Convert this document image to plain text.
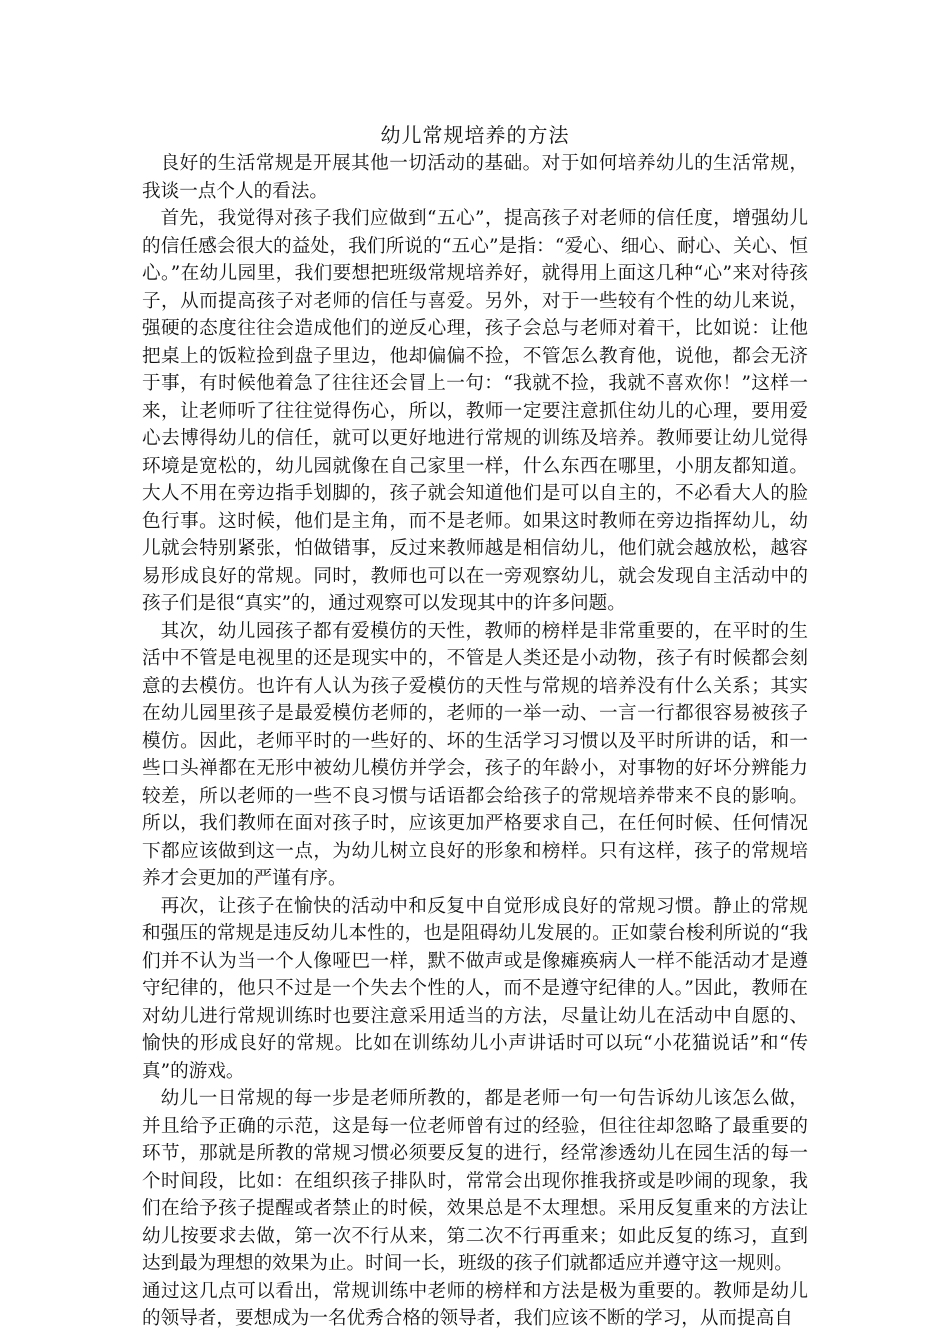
幼儿常规培养的方法

良好的生活常规是开展其他一切活动的基础。对于如何培养幼儿的生活常规，我谈一点个人的看法。

首先，我觉得对孩子我们应做到“五心”，提高孩子对老师的信任度，增强幼儿的信任感会很大的益处，我们所说的“五心”是指：“爱心、细心、耐心、关心、恒心。”在幼儿园里，我们要想把班级常规培养好，就得用上面这几种“心”来对待孩子，从而提高孩子对老师的信任与喜爱。另外，对于一些较有个性的幼儿来说，强硬的态度往往会造成他们的逆反心理，孩子会总与老师对着干，比如说：让他把桌上的饭粒捡到盘子里边，他却偏偏不捡，不管怎么教育他，说他，都会无济于事，有时候他着急了往往还会冒上一句：“我就不捡，我就不喜欢你！”这样一来，让老师听了往往觉得伤心，所以，教师一定要注意抓住幼儿的心理，要用爱心去博得幼儿的信任，就可以更好地进行常规的训练及培养。教师要让幼儿觉得环境是宽松的，幼儿园就像在自己家里一样，什么东西在哪里，小朋友都知道。大人不用在旁边指手划脚的，孩子就会知道他们是可以自主的，不必看大人的脸色行事。这时候，他们是主角，而不是老师。如果这时教师在旁边指挥幼儿，幼儿就会特别紧张，怕做错事，反过来教师越是相信幼儿，他们就会越放松，越容易形成良好的常规。同时，教师也可以在一旁观察幼儿，就会发现自主活动中的孩子们是很“真实”的，通过观察可以发现其中的许多问题。

其次，幼儿园孩子都有爱模仿的天性，教师的榜样是非常重要的，在平时的生活中不管是电视里的还是现实中的，不管是人类还是小动物，孩子有时候都会刻意的去模仿。也许有人认为孩子爱模仿的天性与常规的培养没有什么关系；其实在幼儿园里孩子是最爱模仿老师的，老师的一举一动、一言一行都很容易被孩子模仿。因此，老师平时的一些好的、坏的生活学习习惯以及平时所讲的话，和一些口头禅都在无形中被幼儿模仿并学会，孩子的年龄小，对事物的好坏分辨能力较差，所以老师的一些不良习惯与话语都会给孩子的常规培养带来不良的影响。所以，我们教师在面对孩子时，应该更加严格要求自己，在任何时候、任何情况下都应该做到这一点，为幼儿树立良好的形象和榜样。只有这样，孩子的常规培养才会更加的严谨有序。

再次，让孩子在愉快的活动中和反复中自觉形成良好的常规习惯。静止的常规和强压的常规是违反幼儿本性的，也是阻碍幼儿发展的。正如蒙台梭利所说的“我们并不认为当一个人像哑巴一样，默不做声或是像瘫痪病人一样不能活动才是遵守纪律的，他只不过是一个失去个性的人，而不是遵守纪律的人。”因此，教师在对幼儿进行常规训练时也要注意采用适当的方法，尽量让幼儿在活动中自愿的、愉快的形成良好的常规。比如在训练幼儿小声讲话时可以玩“小花猫说话”和“传真”的游戏。

幼儿一日常规的每一步是老师所教的，都是老师一句一句告诉幼儿该怎么做，并且给予正确的示范，这是每一位老师曾有过的经验，但往往却忽略了最重要的环节，那就是所教的常规习惯必须要反复的进行，经常渗透幼儿在园生活的每一个时间段，比如：在组织孩子排队时，常常会出现你推我挤或是吵闹的现象，我们在给予孩子提醒或者禁止的时候，效果总是不太理想。采用反复重来的方法让幼儿按要求去做，第一次不行从来，第二次不行再重来；如此反复的练习，直到达到最为理想的效果为止。时间一长，班级的孩子们就都适应并遵守这一规则。

通过这几点可以看出，常规训练中老师的榜样和方法是极为重要的。教师是幼儿的领导者，要想成为一名优秀合格的领导者，我们应该不断的学习，从而提高自
